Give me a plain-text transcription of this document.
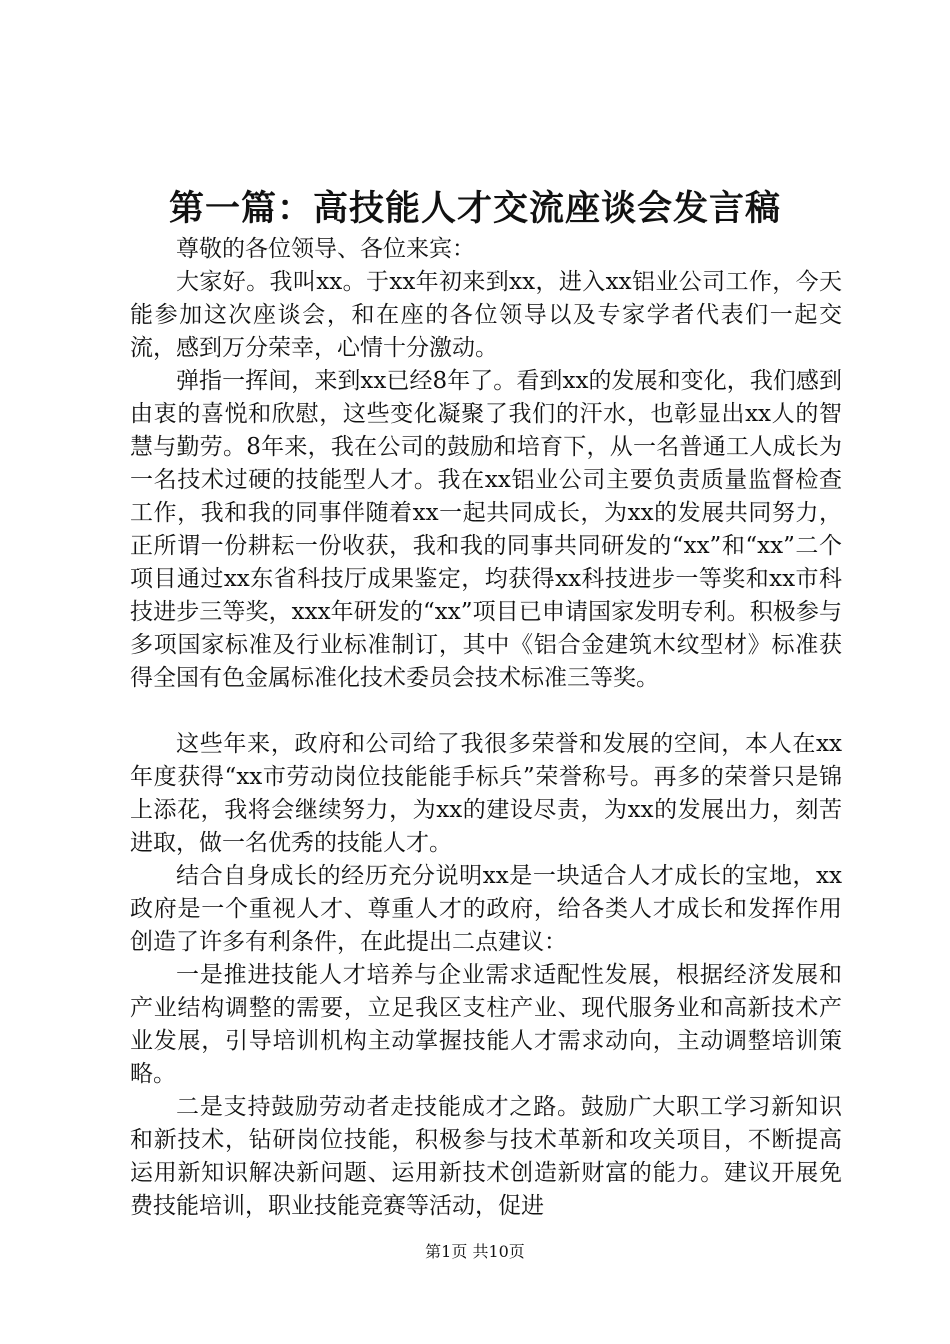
第一篇：高技能人才交流座谈会发言稿

尊敬的各位领导、各位来宾：

大家好。我叫xx。于xx年初来到xx，进入xx铝业公司工作，今天能参加这次座谈会，和在座的各位领导以及专家学者代表们一起交流，感到万分荣幸，心情十分激动。

弹指一挥间，来到xx已经8年了。看到xx的发展和变化，我们感到由衷的喜悦和欣慰，这些变化凝聚了我们的汗水，也彰显出xx人的智慧与勤劳。8年来，我在公司的鼓励和培育下，从一名普通工人成长为一名技术过硬的技能型人才。我在xx铝业公司主要负责质量监督检查工作，我和我的同事伴随着xx一起共同成长，为xx的发展共同努力，正所谓一份耕耘一份收获，我和我的同事共同研发的“xx”和“xx”二个项目通过xx东省科技厅成果鉴定，均获得xx科技进步一等奖和xx市科技进步三等奖，xxx年研发的“xx”项目已申请国家发明专利。积极参与多项国家标准及行业标准制订，其中《铝合金建筑木纹型材》标准获得全国有色金属标准化技术委员会技术标准三等奖。

这些年来，政府和公司给了我很多荣誉和发展的空间，本人在xx年度获得“xx市劳动岗位技能能手标兵”荣誉称号。再多的荣誉只是锦上添花，我将会继续努力，为xx的建设尽责，为xx的发展出力，刻苦进取，做一名优秀的技能人才。

结合自身成长的经历充分说明xx是一块适合人才成长的宝地，xx政府是一个重视人才、尊重人才的政府，给各类人才成长和发挥作用创造了许多有利条件，在此提出二点建议：

一是推进技能人才培养与企业需求适配性发展，根据经济发展和产业结构调整的需要，立足我区支柱产业、现代服务业和高新技术产业发展，引导培训机构主动掌握技能人才需求动向，主动调整培训策略。

二是支持鼓励劳动者走技能成才之路。鼓励广大职工学习新知识和新技术，钻研岗位技能，积极参与技术革新和攻关项目，不断提高运用新知识解决新问题、运用新技术创造新财富的能力。建议开展免费技能培训，职业技能竞赛等活动，促进

第1页 共10页
